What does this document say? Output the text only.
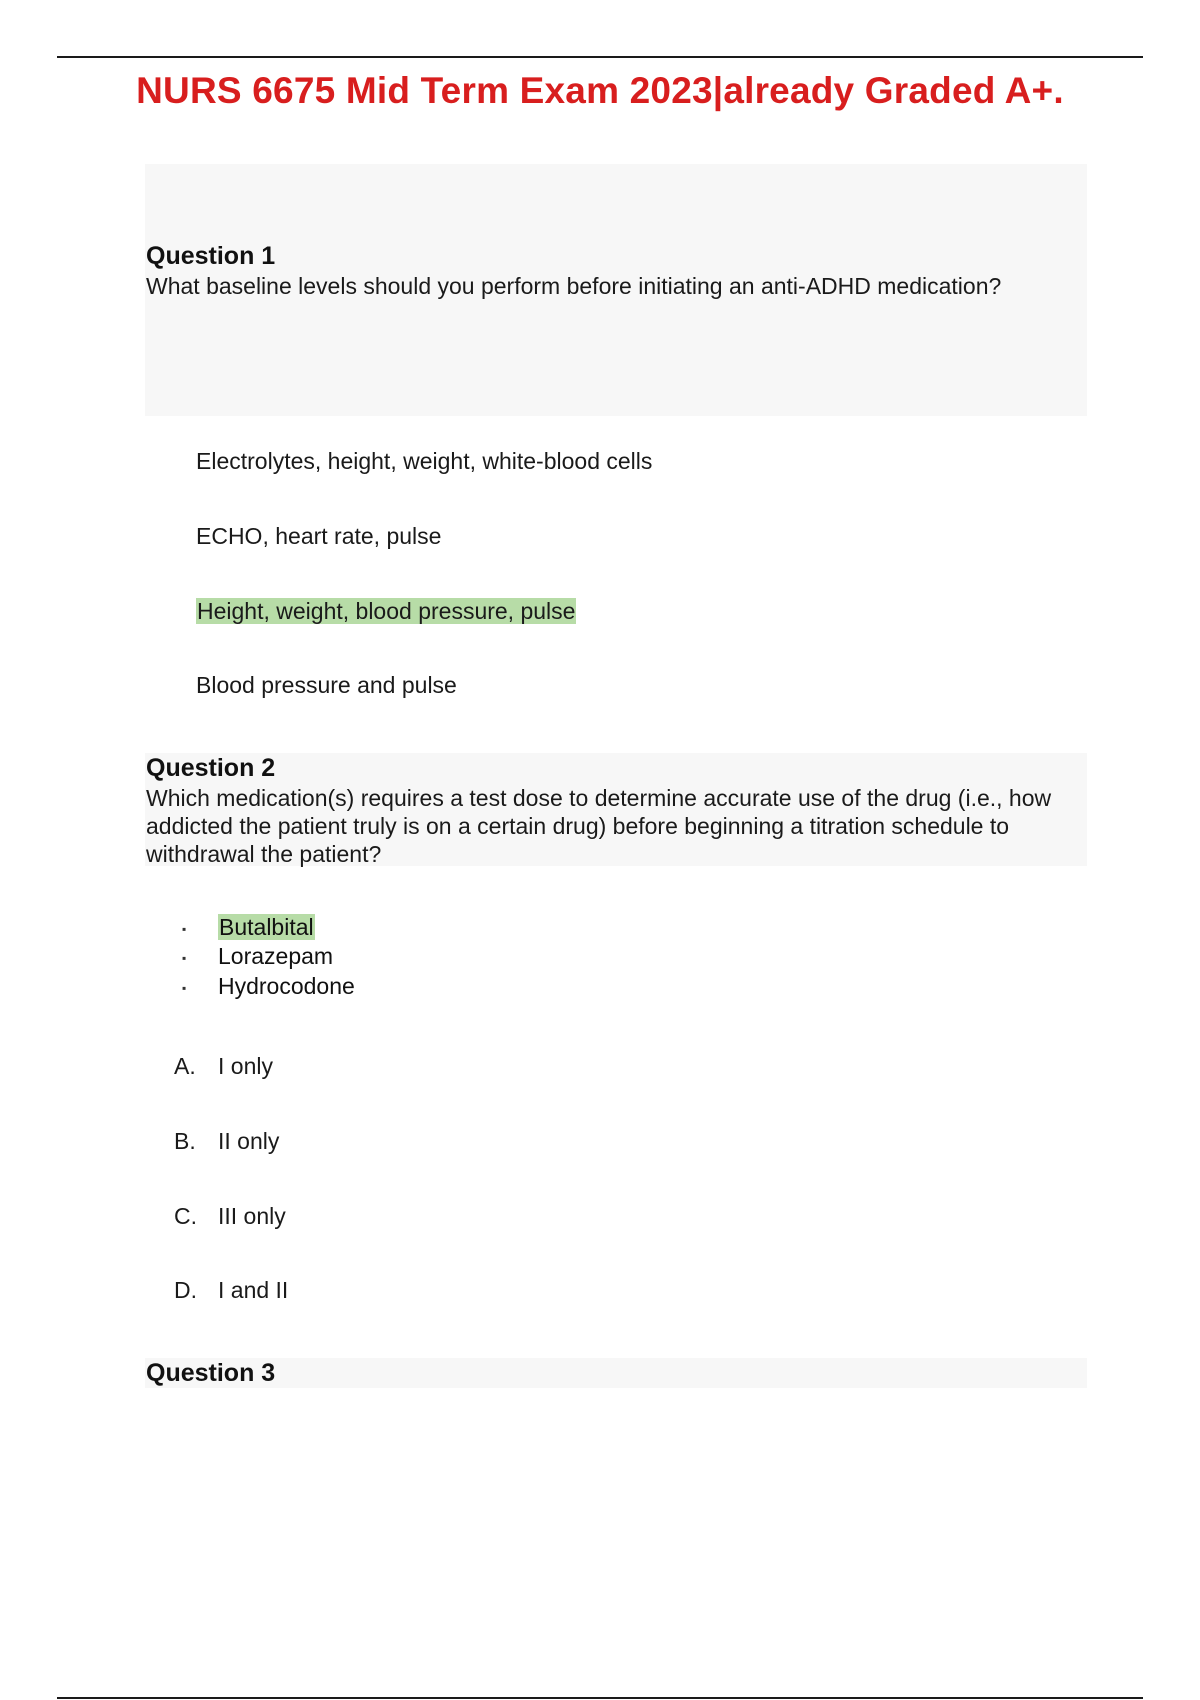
NURS 6675 Mid Term Exam 2023|already Graded A+.
Question 1
What baseline levels should you perform before initiating an anti-ADHD medication?
Electrolytes, height, weight, white-blood cells
ECHO, heart rate, pulse
Height, weight, blood pressure, pulse
Blood pressure and pulse
Question 2
Which medication(s) requires a test dose to determine accurate use of the drug (i.e., how addicted the patient truly is on a certain drug) before beginning a titration schedule to withdrawal the patient?
▪ Butalbital
▪ Lorazepam
▪ Hydrocodone
A. I only
B. II only
C. III only
D. I and II
Question 3
